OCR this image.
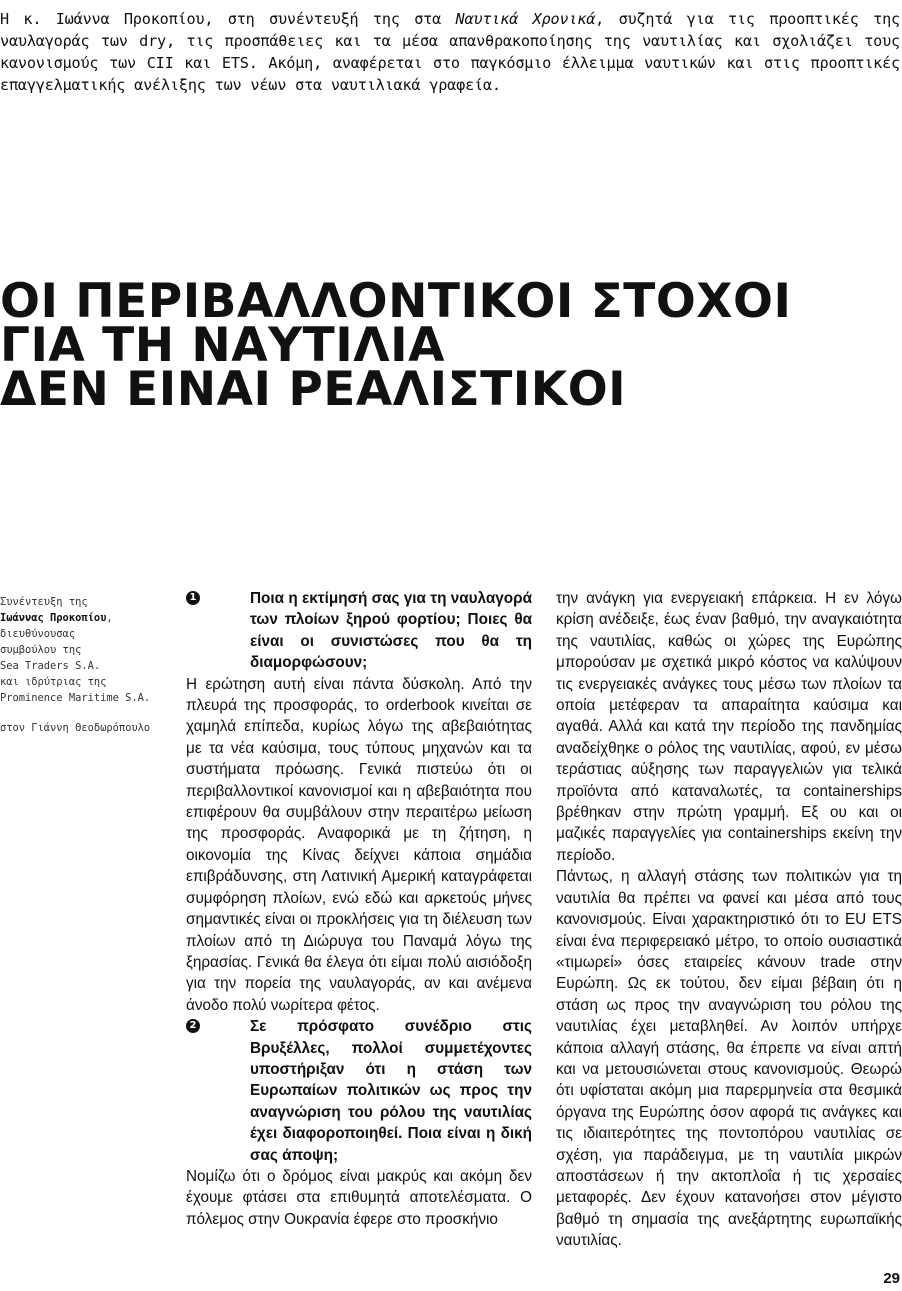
Η κ. Ιωάννα Προκοπίου, στη συνέντευξή της στα Ναυτικά Χρονικά, συζητά για τις προοπτικές της ναυλαγοράς των dry, τις προσπάθειες και τα μέσα απανθρακοποίησης της ναυτιλίας και σχολιάζει τους κανονισμούς των CII και ETS. Ακόμη, αναφέρεται στο παγκόσμιο έλλειμμα ναυτικών και στις προοπτικές επαγγελματικής ανέλιξης των νέων στα ναυτιλιακά γραφεία.

ΟΙ ΠΕΡΙΒΑΛΛΟΝΤΙΚΟΙ ΣΤΟΧΟΙ
ΓΙΑ ΤΗ ΝΑΥΤΙΛΙΑ
ΔΕΝ ΕΙΝΑΙ ΡΕΑΛΙΣΤΙΚΟΙ
Συνέντευξη της
Ιωάννας Προκοπίου,
διευθύνουσας
συμβούλου της
Sea Traders S.A.
και ιδρύτριας της
Prominence Maritime S.A.
στον Γιάννη Θεοδωρόπουλο

1	Ποια η εκτίμησή σας για τη ναυλαγορά των πλοίων ξηρού φορτίου; Ποιες θα είναι οι συνιστώσες που θα τη διαμορφώσουν;

Η ερώτηση αυτή είναι πάντα δύσκολη. Από την πλευρά της προσφοράς, το orderbook κινείται σε χαμηλά επίπεδα, κυρίως λόγω της αβεβαιότητας με τα νέα καύσιμα, τους τύπους μηχανών και τα συστήματα πρόωσης. Γενικά πιστεύω ότι οι περιβαλλοντικοί κανονισμοί και η αβεβαιότητα που επιφέρουν θα συμβάλουν στην περαιτέρω μείωση της προσφοράς. Αναφορικά με τη ζήτηση, η οικονομία της Κίνας δείχνει κάποια σημάδια επιβράδυνσης, στη Λατινική Αμερική καταγράφεται συμφόρηση πλοίων, ενώ εδώ και αρκετούς μήνες σημαντικές είναι οι προκλήσεις για τη διέλευση των πλοίων από τη Διώρυγα του Παναμά λόγω της ξηρασίας. Γενικά θα έλεγα ότι είμαι πολύ αισιόδοξη για την πορεία της ναυλαγοράς, αν και ανέμενα άνοδο πολύ νωρίτερα φέτος.

2	Σε πρόσφατο συνέδριο στις Βρυξέλλες, πολλοί συμμετέχοντες υποστήριξαν ότι η στάση των Ευρωπαίων πολιτικών ως προς την αναγνώριση του ρόλου της ναυτιλίας έχει διαφοροποιηθεί. Ποια είναι η δική σας άποψη;

Νομίζω ότι ο δρόμος είναι μακρύς και ακόμη δεν έχουμε φτάσει στα επιθυμητά αποτελέσματα. Ο πόλεμος στην Ουκρανία έφερε στο προσκήνιο

την ανάγκη για ενεργειακή επάρκεια. Η εν λόγω κρίση ανέδειξε, έως έναν βαθμό, την αναγκαιότητα της ναυτιλίας, καθώς οι χώρες της Ευρώπης μπορούσαν με σχετικά μικρό κόστος να καλύψουν τις ενεργειακές ανάγκες τους μέσω των πλοίων τα οποία μετέφεραν τα απαραίτητα καύσιμα και αγαθά. Αλλά και κατά την περίοδο της πανδημίας αναδείχθηκε ο ρόλος της ναυτιλίας, αφού, εν μέσω τεράστιας αύξησης των παραγγελιών για τελικά προϊόντα από καταναλωτές, τα containerships βρέθηκαν στην πρώτη γραμμή. Εξ ου και οι μαζικές παραγγελίες για containerships εκείνη την περίοδο.

Πάντως, η αλλαγή στάσης των πολιτικών για τη ναυτιλία θα πρέπει να φανεί και μέσα από τους κανονισμούς. Είναι χαρακτηριστικό ότι το EU ETS είναι ένα περιφερειακό μέτρο, το οποίο ουσιαστικά «τιμωρεί» όσες εταιρείες κάνουν trade στην Ευρώπη. Ως εκ τούτου, δεν είμαι βέβαιη ότι η στάση ως προς την αναγνώριση του ρόλου της ναυτιλίας έχει μεταβληθεί. Αν λοιπόν υπήρχε κάποια αλλαγή στάσης, θα έπρεπε να είναι απτή και να μετουσιώνεται στους κανονισμούς. Θεωρώ ότι υφίσταται ακόμη μια παρερμηνεία στα θεσμικά όργανα της Ευρώπης όσον αφορά τις ανάγκες και τις ιδιαιτερότητες της ποντοπόρου ναυτιλίας σε σχέση, για παράδειγμα, με τη ναυτιλία μικρών αποστάσεων ή την ακτοπλοΐα ή τις χερσαίες μεταφορές. Δεν έχουν κατανοήσει στον μέγιστο βαθμό τη σημασία της ανεξάρτητης ευρωπαϊκής ναυτιλίας.

29
